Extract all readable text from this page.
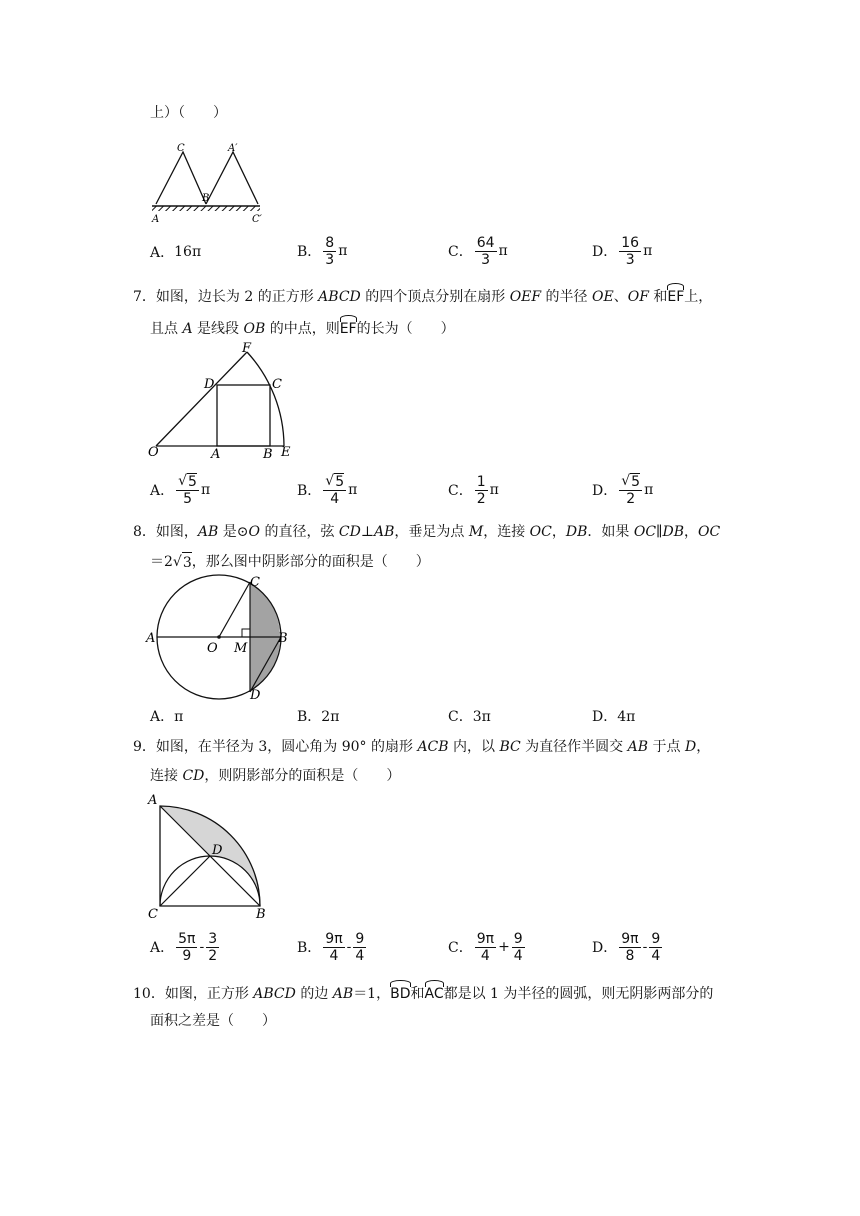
上）（　　）
C	A′
B
A	C′
A． 16π	B． $\frac{8}{3}$ π	C． $\frac{64}{3}$ π	D． $\frac{16}{3}$ π
7．如图，边长为 2 的正方形 ABCD 的四个顶点分别在扇形 OEF 的半径 OE、OF 和EF上，
且点 A 是线段 OB 的中点，则EF的长为（　　）
F
D	C
O	A	B E
A． $\frac{√ 5}{5}$ π	B． $\frac{√ 5}{4}$ π	C． $\frac{1}{2}$ π	D． $\frac{√ 5}{2}$ π
8．如图，AB 是⊙O 的直径，弦 CD⊥AB，垂足为点 M，连接 OC，DB．如果 OC∥DB，OC
＝2√ 3 ，那么图中阴影部分的面积是（　　）
C
A
O M
B
D
A．π	B．2π	C．3π	D．4π
9．如图，在半径为 3，圆心角为 90° 的扇形 ACB 内，以 BC 为直径作半圆交 AB 于点 D，
连接 CD，则阴影部分的面积是（　　）
A
D
C	B
A． $\frac{5\pi}{9} - \frac{3}{2}$	B． $\frac{9\pi}{4} - \frac{9}{4}$	C． $\frac{9\pi}{4} + \frac{9}{4}$	D． $\frac{9\pi}{8} - \frac{9}{4}$
10．如图，正方形 ABCD 的边 AB＝1，BD和AC都是以 1 为半径的圆弧，则无阴影两部分的
面积之差是（　　）
